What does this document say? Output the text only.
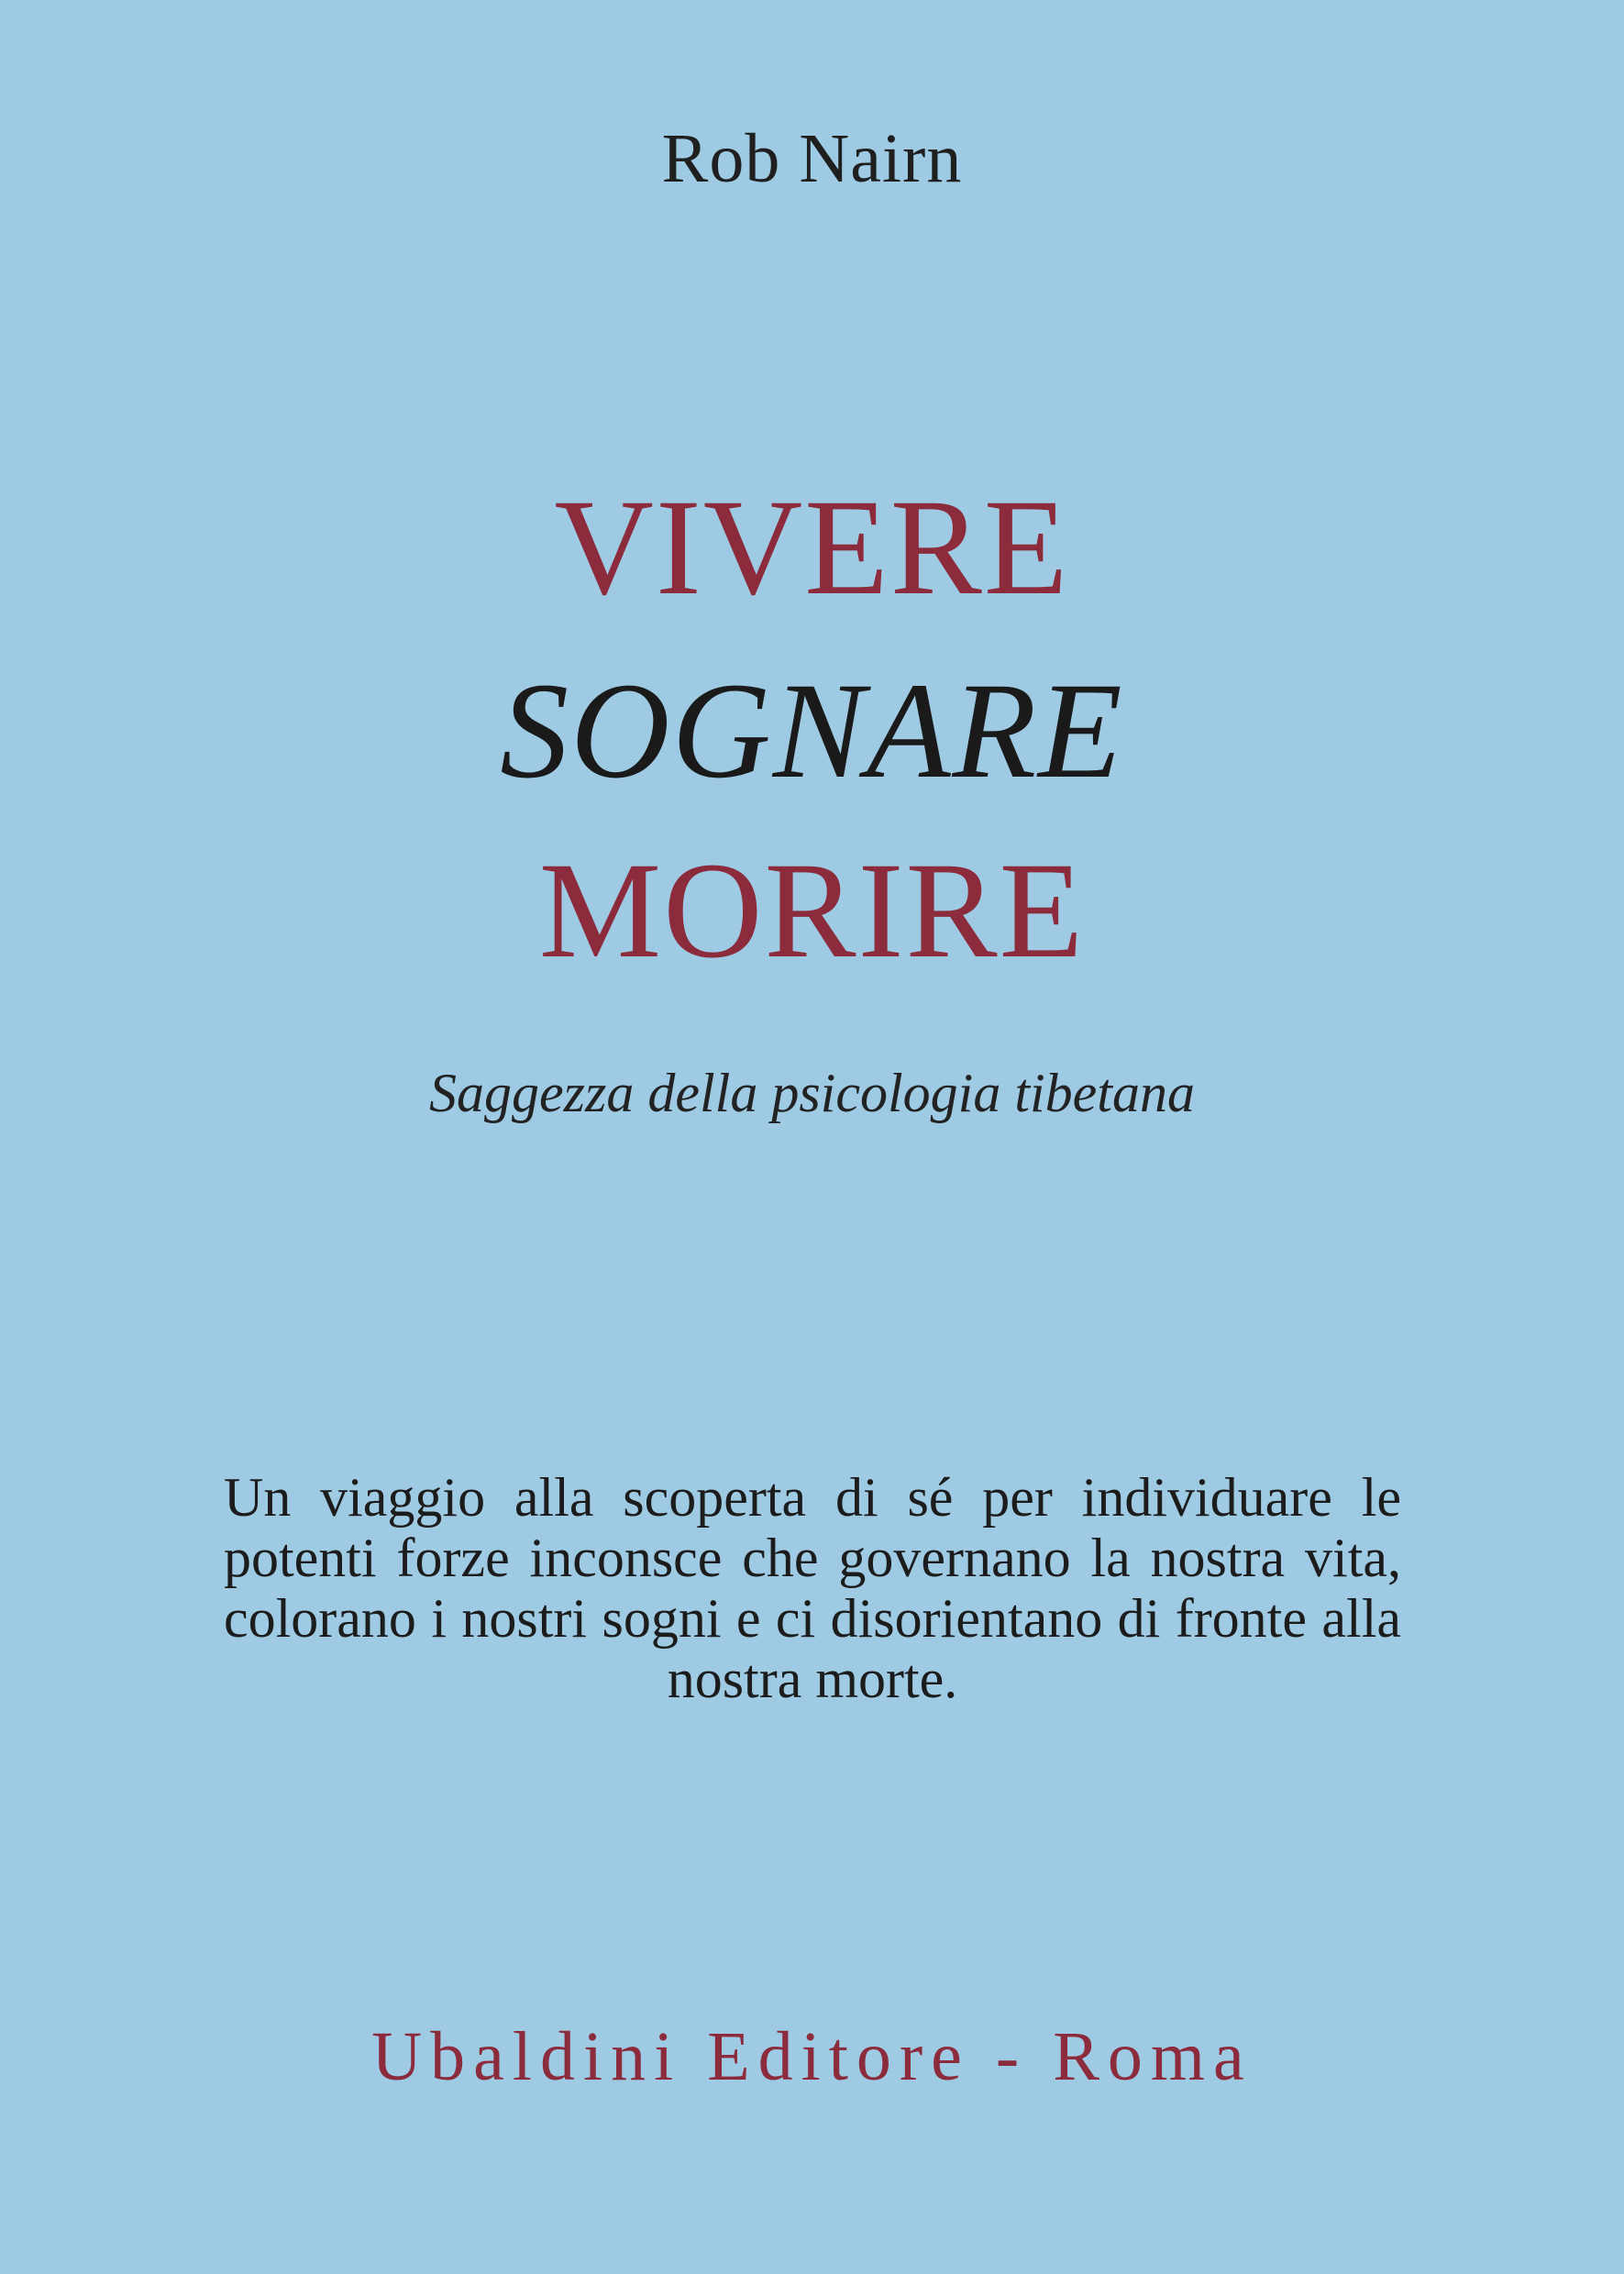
Rob Nairn
VIVERE
SOGNARE
MORIRE
Saggezza della psicologia tibetana

Un viaggio alla scoperta di sé per individuare le potenti forze inconsce che governano la nostra vita, colorano i nostri sogni e ci disorientano di fronte alla nostra morte.

Ubaldini Editore - Roma
